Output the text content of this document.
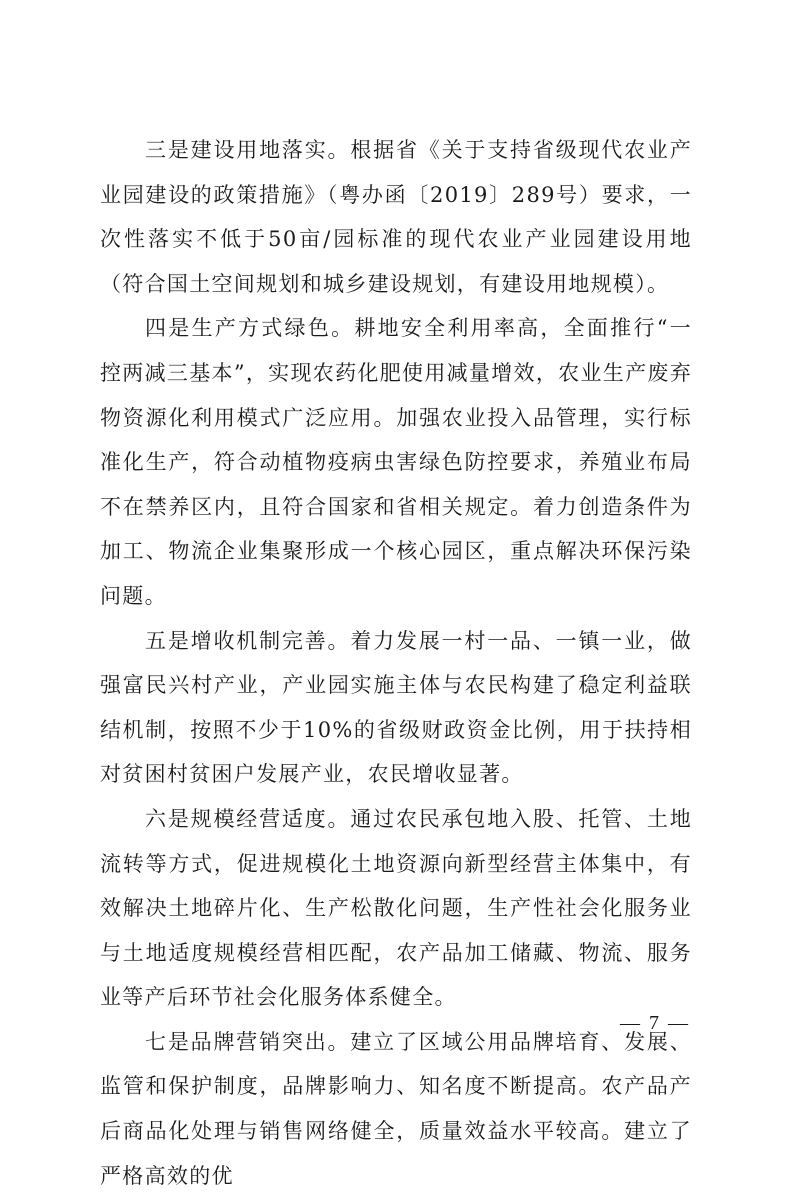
三是建设用地落实。根据省《关于支持省级现代农业产业园建设的政策措施》（粤办函〔2019〕289号）要求，一次性落实不低于50亩/园标准的现代农业产业园建设用地（符合国土空间规划和城乡建设规划，有建设用地规模）。

四是生产方式绿色。耕地安全利用率高，全面推行“一控两减三基本”，实现农药化肥使用减量增效，农业生产废弃物资源化利用模式广泛应用。加强农业投入品管理，实行标准化生产，符合动植物疫病虫害绿色防控要求，养殖业布局不在禁养区内，且符合国家和省相关规定。着力创造条件为加工、物流企业集聚形成一个核心园区，重点解决环保污染问题。

五是增收机制完善。着力发展一村一品、一镇一业，做强富民兴村产业，产业园实施主体与农民构建了稳定利益联结机制，按照不少于10%的省级财政资金比例，用于扶持相对贫困村贫困户发展产业，农民增收显著。

六是规模经营适度。通过农民承包地入股、托管、土地流转等方式，促进规模化土地资源向新型经营主体集中，有效解决土地碎片化、生产松散化问题，生产性社会化服务业与土地适度规模经营相匹配，农产品加工储藏、物流、服务业等产后环节社会化服务体系健全。

七是品牌营销突出。建立了区域公用品牌培育、发展、监管和保护制度，品牌影响力、知名度不断提高。农产品产后商品化处理与销售网络健全，质量效益水平较高。建立了严格高效的优

— 7 —
